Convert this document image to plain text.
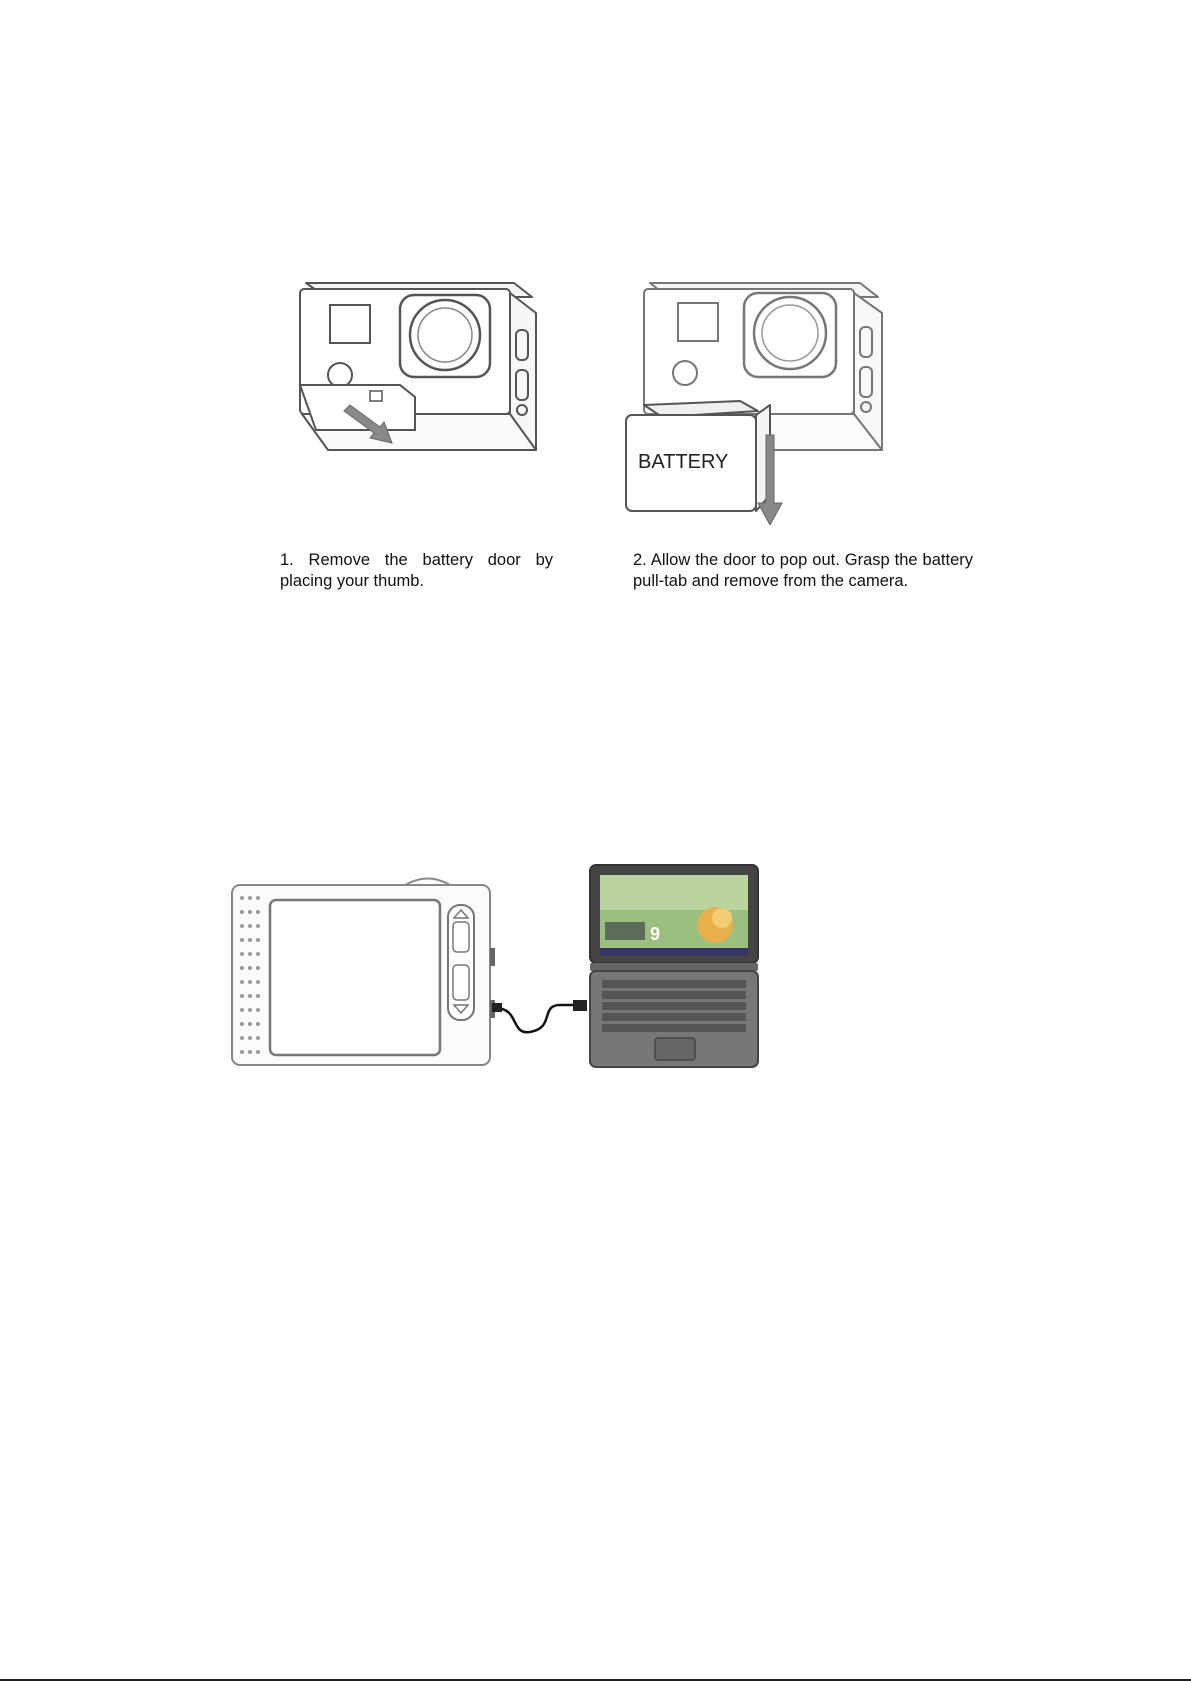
BATTERY
1. Remove the battery door by placing your thumb.
2. Allow the door to pop out. Grasp the battery pull-tab and remove from the camera.
9
